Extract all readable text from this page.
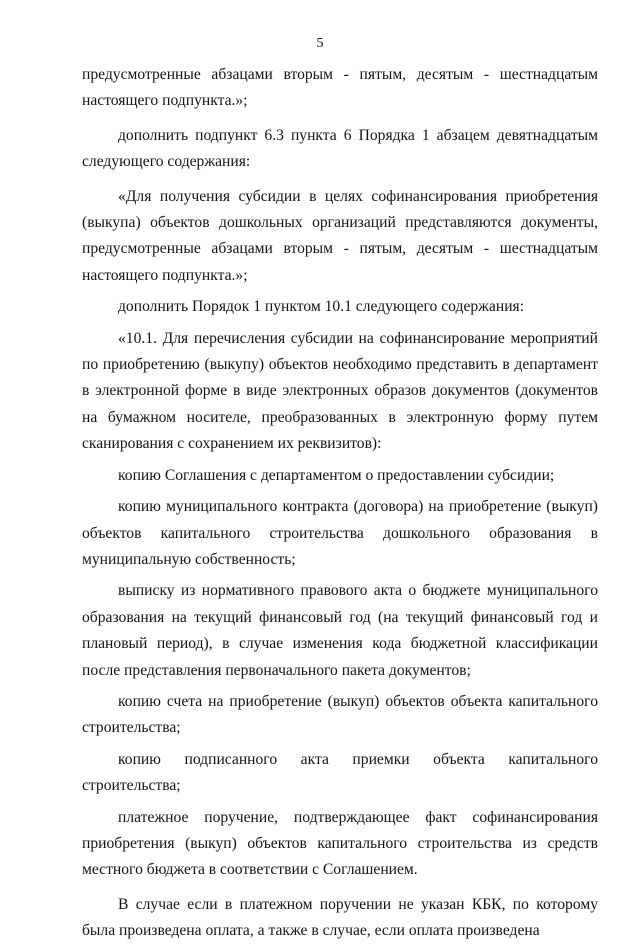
5

предусмотренные абзацами вторым - пятым, десятым - шестнадцатым настоящего подпункта.»;

дополнить подпункт 6.3 пункта 6 Порядка 1 абзацем девятнадцатым следующего содержания:

«Для получения субсидии в целях софинансирования приобретения (выкупа) объектов дошкольных организаций представляются документы, предусмотренные абзацами вторым - пятым, десятым - шестнадцатым настоящего подпункта.»;

дополнить Порядок 1 пунктом 10.1 следующего содержания:

«10.1. Для перечисления субсидии на софинансирование мероприятий по приобретению (выкупу) объектов необходимо представить в департамент в электронной форме в виде электронных образов документов (документов на бумажном носителе, преобразованных в электронную форму путем сканирования с сохранением их реквизитов):

копию Соглашения с департаментом о предоставлении субсидии;

копию муниципального контракта (договора) на приобретение (выкуп) объектов капитального строительства дошкольного образования в муниципальную собственность;

выписку из нормативного правового акта о бюджете муниципального образования на текущий финансовый год (на текущий финансовый год и плановый период), в случае изменения кода бюджетной классификации после представления первоначального пакета документов;

копию счета на приобретение (выкуп) объектов объекта капитального строительства;

копию подписанного акта приемки объекта капитального строительства;

платежное поручение, подтверждающее факт софинансирования приобретения (выкуп) объектов капитального строительства из средств местного бюджета в соответствии с Соглашением.

В случае если в платежном поручении не указан КБК, по которому была произведена оплата, а также в случае, если оплата произведена
